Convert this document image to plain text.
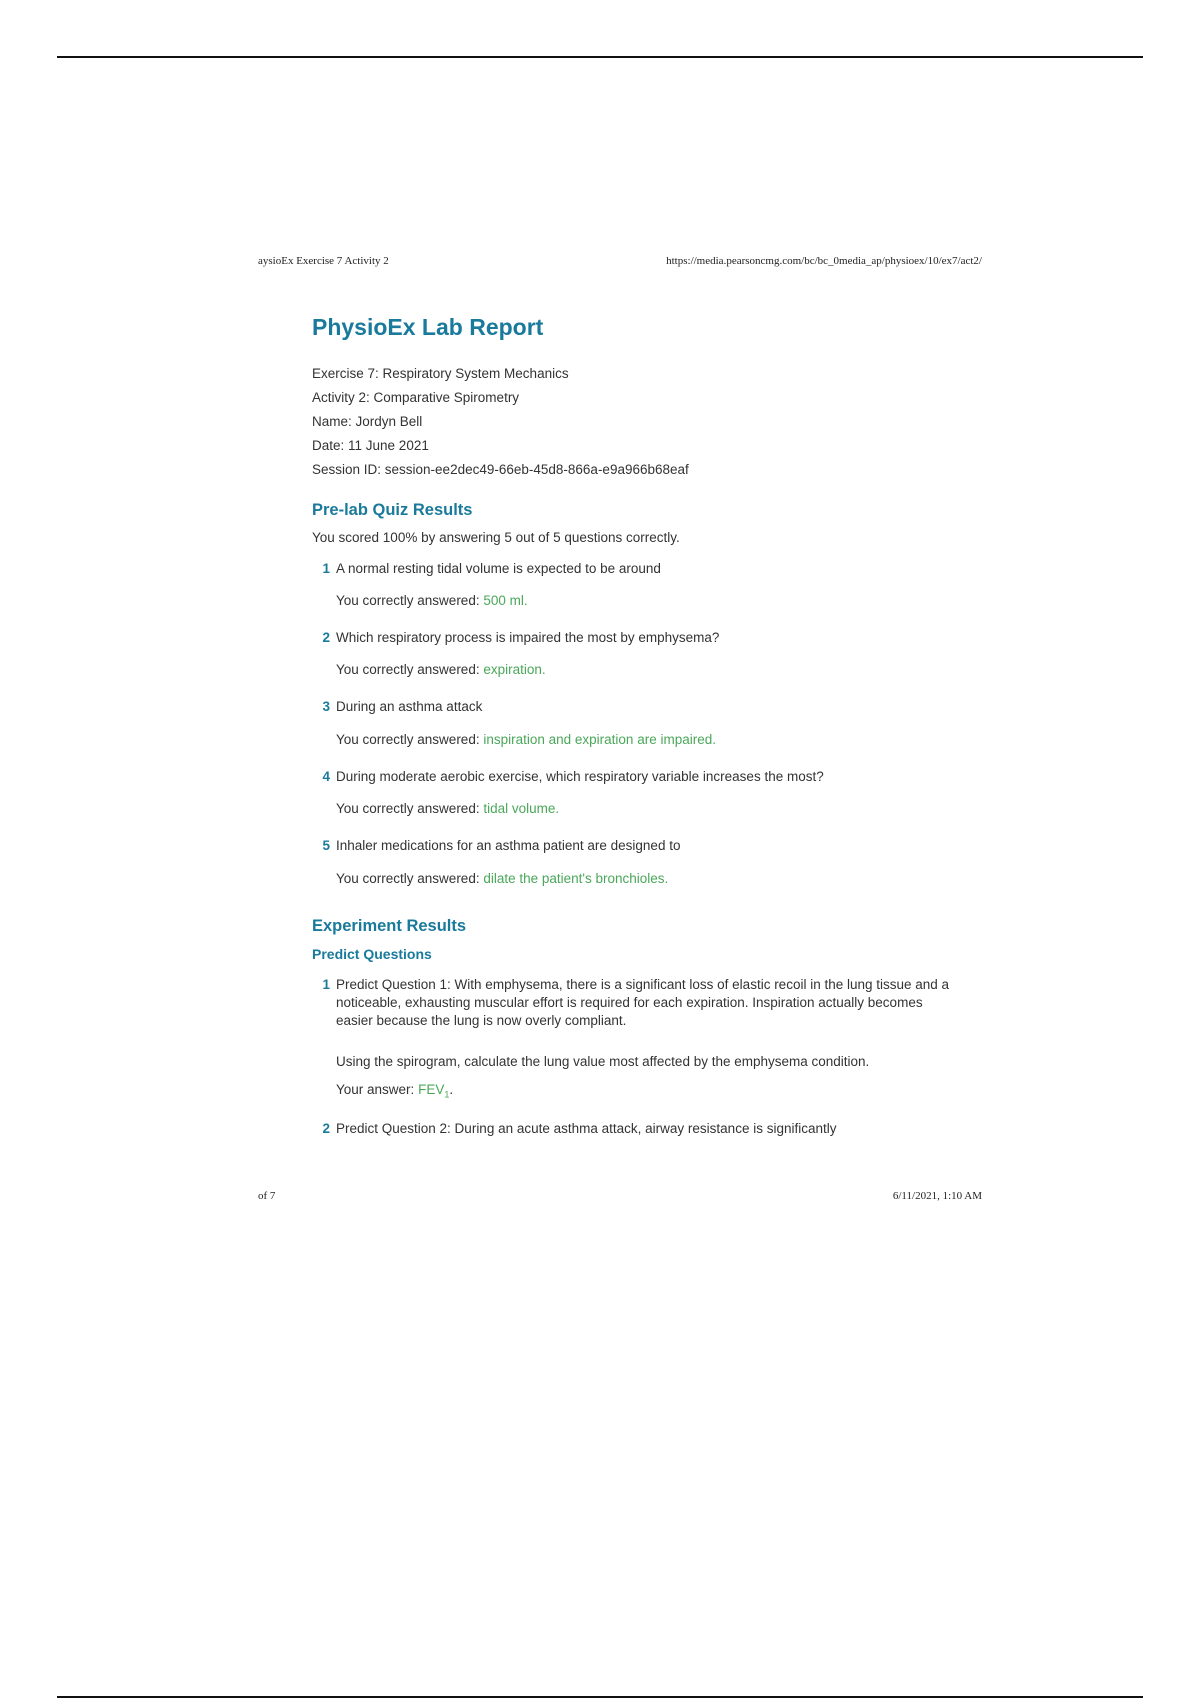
aysioEx Exercise 7 Activity 2	https://media.pearsoncmg.com/bc/bc_0media_ap/physioex/10/ex7/act2/
PhysioEx Lab Report
Exercise 7: Respiratory System Mechanics
Activity 2: Comparative Spirometry
Name: Jordyn Bell
Date: 11 June 2021
Session ID: session-ee2dec49-66eb-45d8-866a-e9a966b68eaf
Pre-lab Quiz Results
You scored 100% by answering 5 out of 5 questions correctly.
1 A normal resting tidal volume is expected to be around
You correctly answered: 500 ml.
2 Which respiratory process is impaired the most by emphysema?
You correctly answered: expiration.
3 During an asthma attack
You correctly answered: inspiration and expiration are impaired.
4 During moderate aerobic exercise, which respiratory variable increases the most?
You correctly answered: tidal volume.
5 Inhaler medications for an asthma patient are designed to
You correctly answered: dilate the patient's bronchioles.
Experiment Results
Predict Questions
1 Predict Question 1: With emphysema, there is a significant loss of elastic recoil in the lung tissue and a noticeable, exhausting muscular effort is required for each expiration. Inspiration actually becomes easier because the lung is now overly compliant.
Using the spirogram, calculate the lung value most affected by the emphysema condition.
Your answer: $FEV_1$.
2 Predict Question 2: During an acute asthma attack, airway resistance is significantly
of 7	6/11/2021, 1:10 AM
